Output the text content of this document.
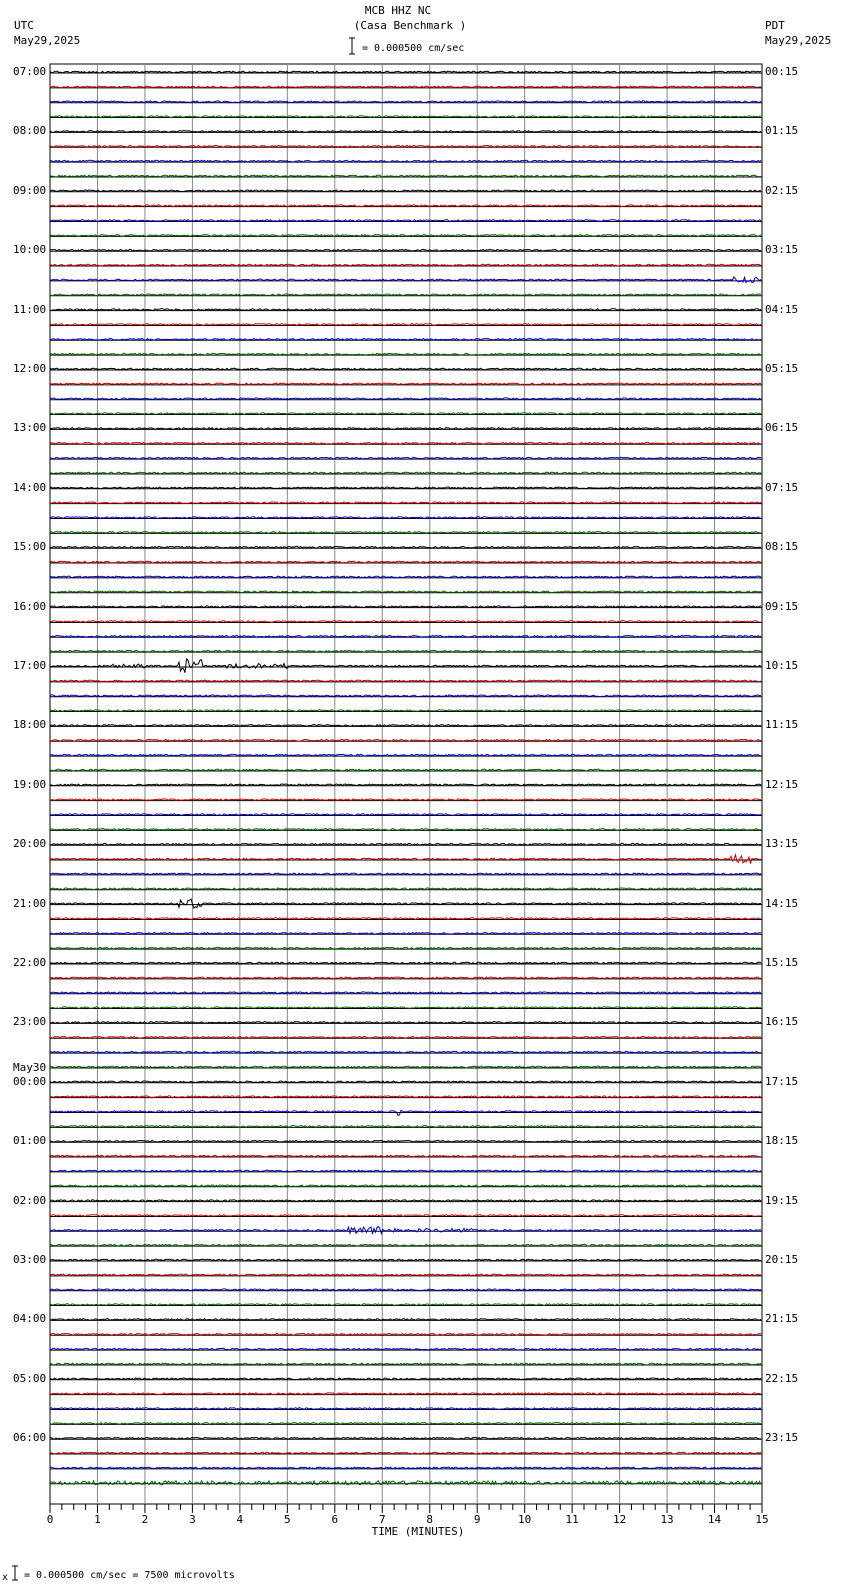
MCB HHZ NC
(Casa Benchmark )
UTC
May29,2025
PDT
May29,2025
= 0.000500 cm/sec
x = 0.000500 cm/sec = 7500 microvolts
TIME (MINUTES)
0	1	2	3	4	5	6	7	8	9	10	11	12	13	14	15
07:00	00:15
08:00	01:15
09:00	02:15
10:00	03:15
11:00	04:15
12:00	05:15
13:00	06:15
14:00	07:15
15:00	08:15
16:00	09:15
17:00	10:15
18:00	11:15
19:00	12:15
20:00	13:15
21:00	14:15
22:00	15:15
23:00	16:15
00:00	17:15
01:00	18:15
02:00	19:15
03:00	20:15
04:00	21:15
05:00	22:15
06:00	23:15
May30
